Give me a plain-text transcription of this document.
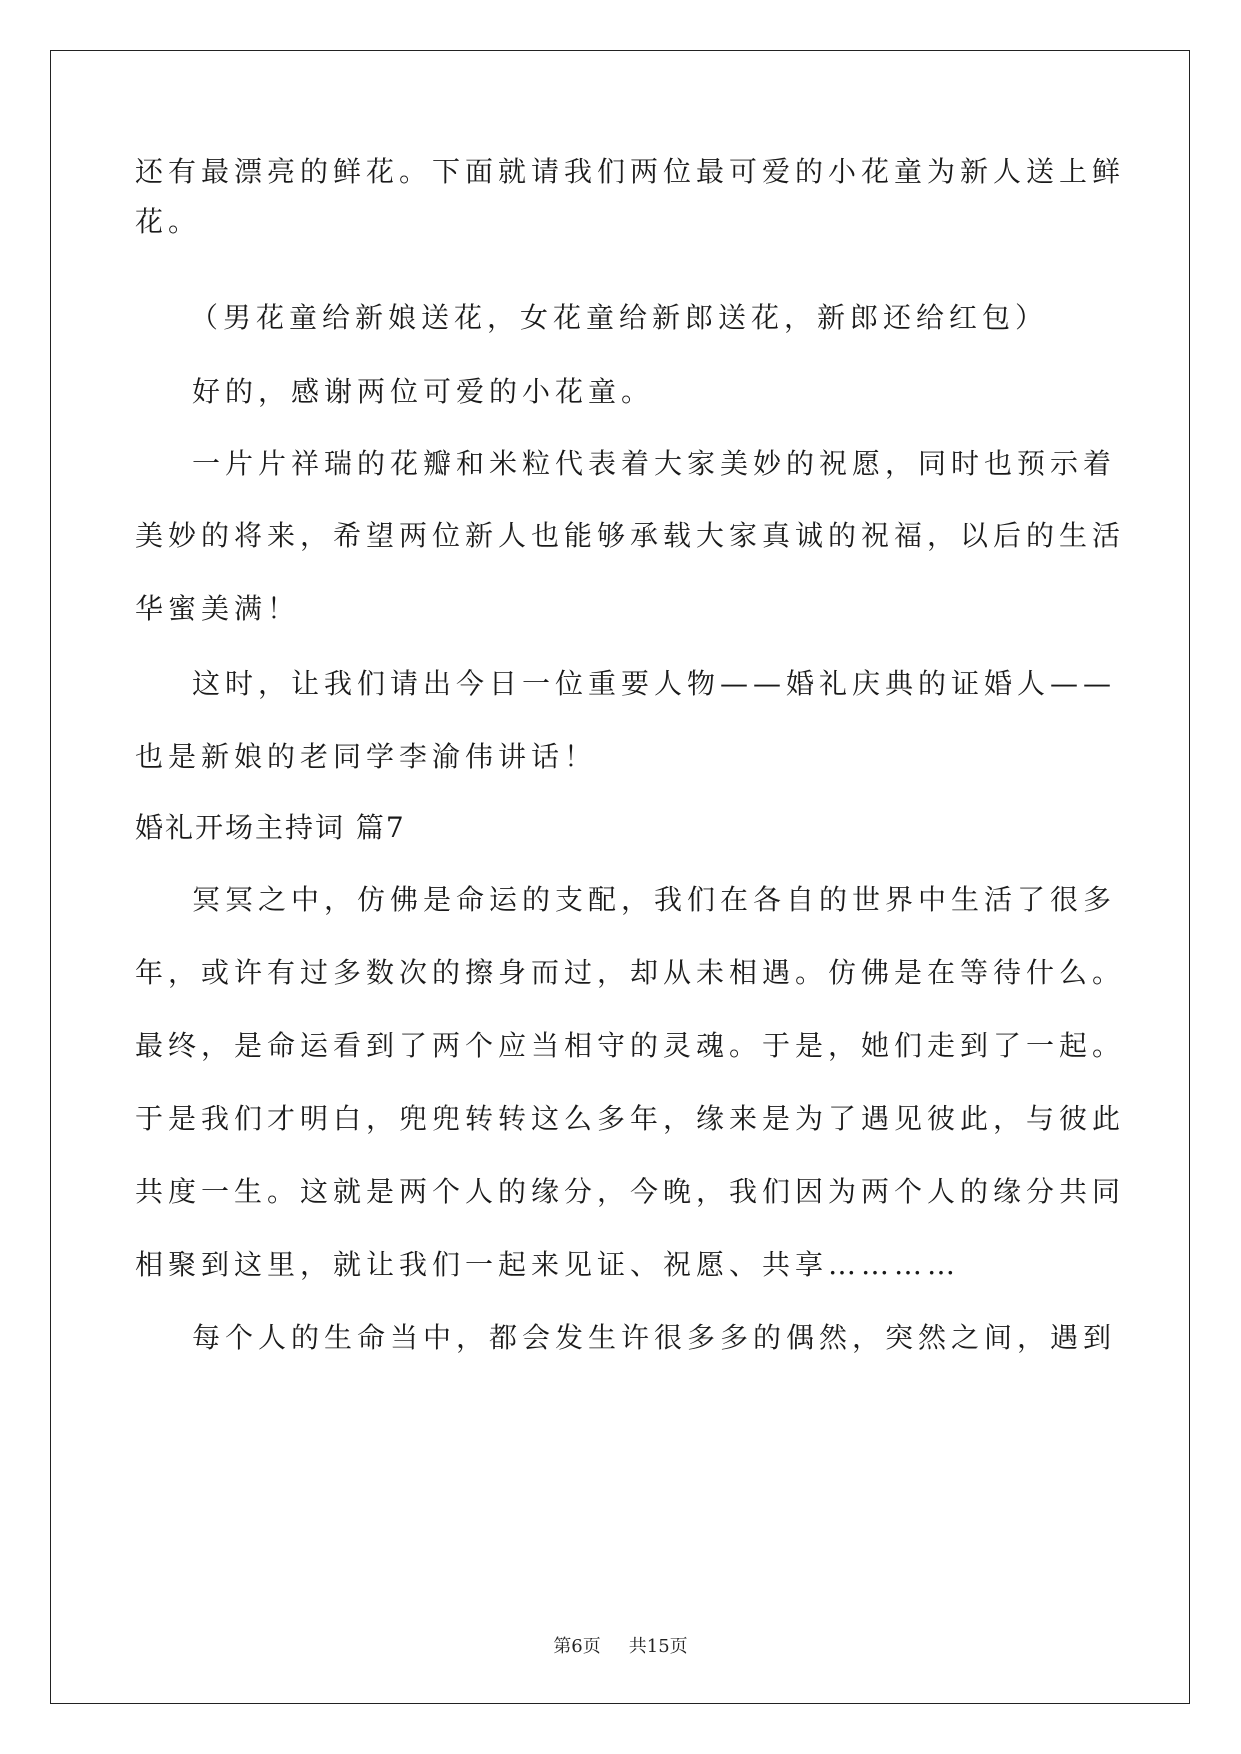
还有最漂亮的鲜花。下面就请我们两位最可爱的小花童为新人送上鲜
花。
（男花童给新娘送花，女花童给新郎送花，新郎还给红包）
好的，感谢两位可爱的小花童。
一片片祥瑞的花瓣和米粒代表着大家美妙的祝愿，同时也预示着
美妙的将来，希望两位新人也能够承载大家真诚的祝福，以后的生活
华蜜美满！
这时，让我们请出今日一位重要人物——婚礼庆典的证婚人——
也是新娘的老同学李渝伟讲话！
婚礼开场主持词 篇7
冥冥之中，仿佛是命运的支配，我们在各自的世界中生活了很多
年，或许有过多数次的擦身而过，却从未相遇。仿佛是在等待什么。
最终，是命运看到了两个应当相守的灵魂。于是，她们走到了一起。
于是我们才明白，兜兜转转这么多年，缘来是为了遇见彼此，与彼此
共度一生。这就是两个人的缘分，今晚，我们因为两个人的缘分共同
相聚到这里，就让我们一起来见证、祝愿、共享…………
每个人的生命当中，都会发生许很多多的偶然，突然之间，遇到
第6页 共15页
